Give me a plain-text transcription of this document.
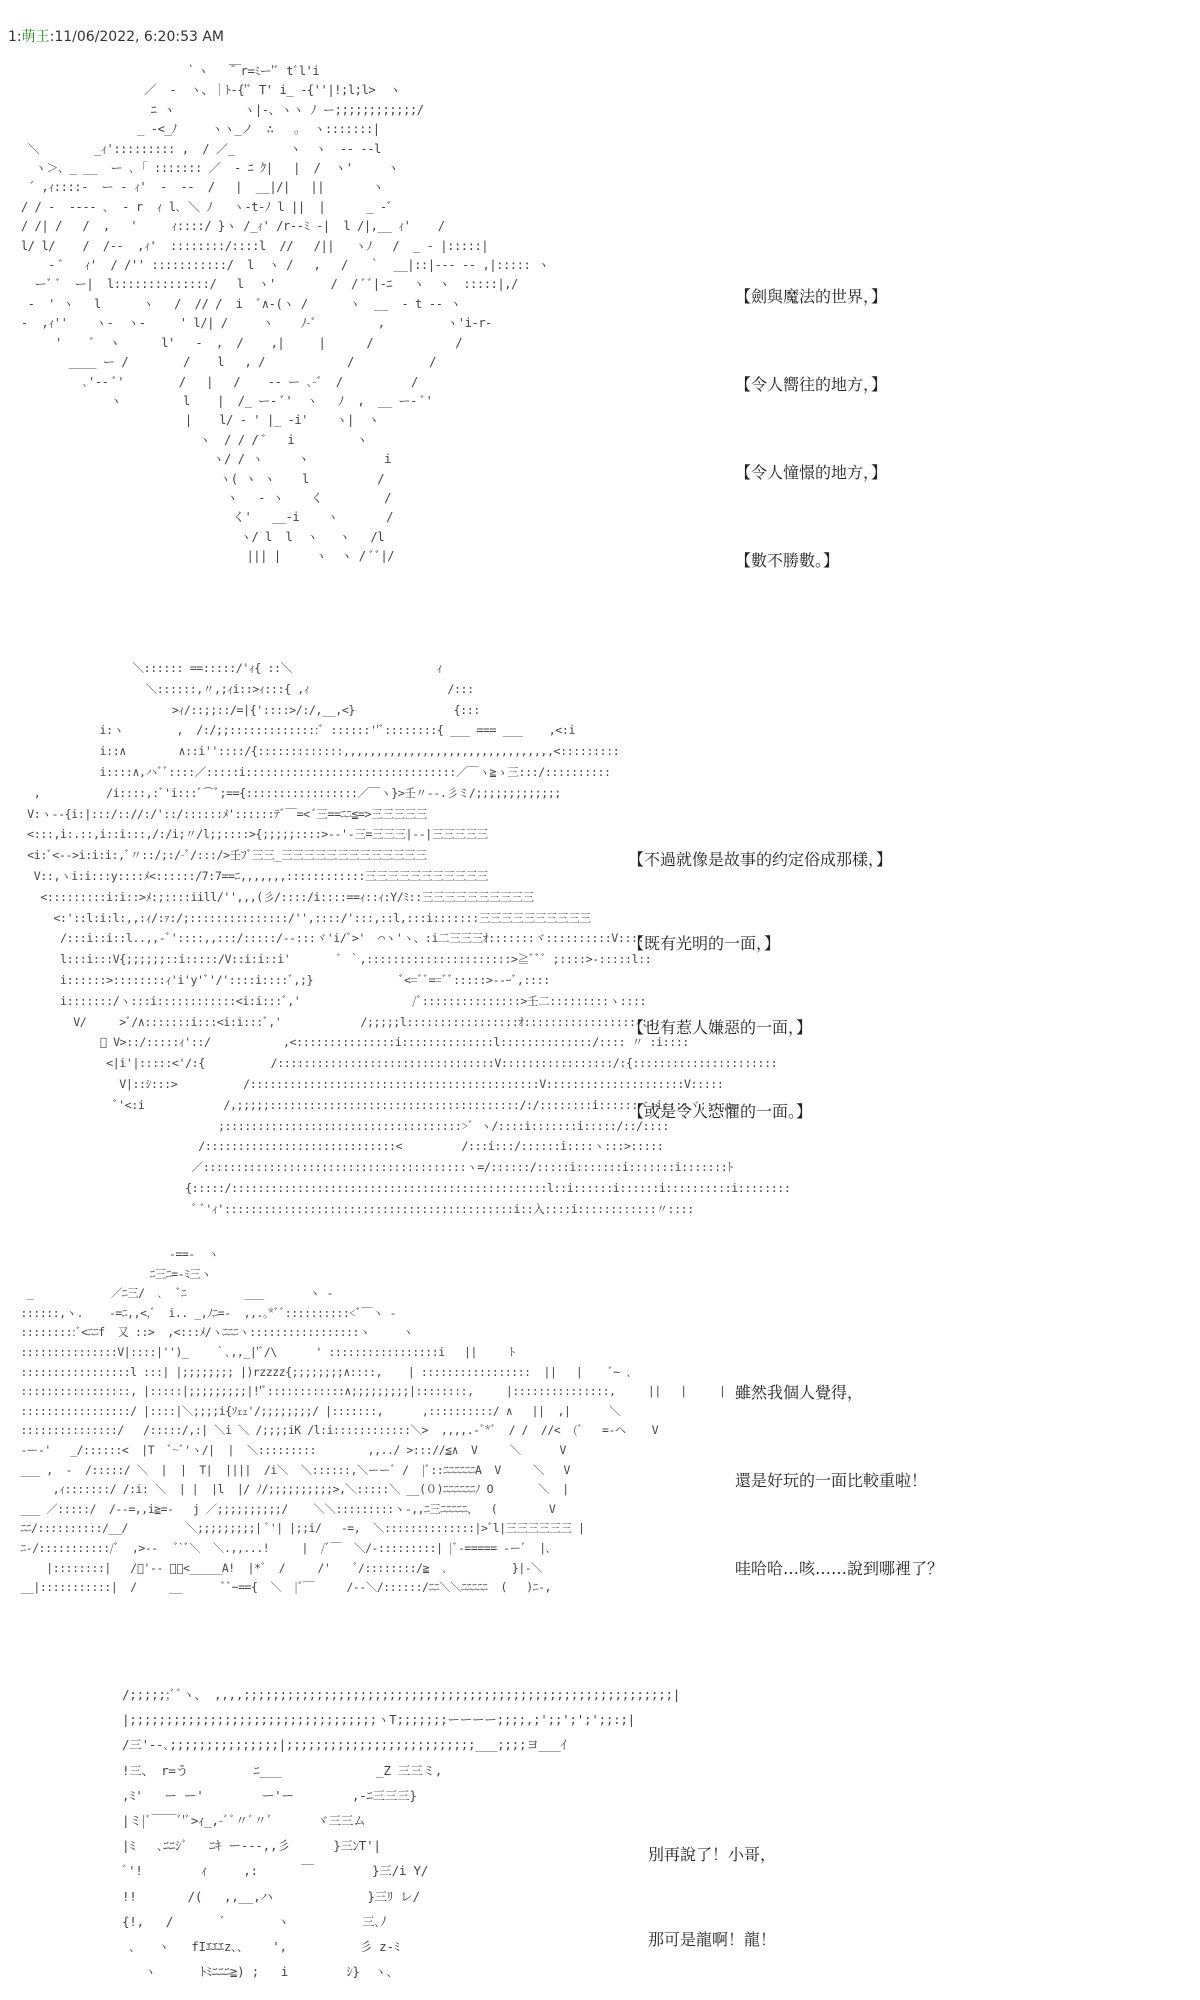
1:萌王:11/06/2022, 6:20:53 AM
｀ヽ   ̄￣r=ﾐー'ﾞ tﾞl'i
／  -  ヽ、｜ﾄ-{'ﾞ T' i_ -{''|!;l;l>  ヽ
ﾆ ヽ          ヽ|-、ヽヽ ﾉ ー;;;;;;;;;;;;/
_ -<_ﾉ     ヽヽ_ノ  ∴   ｡  ヽ:::::::|
＼        _ｨ'::::::::: ,  / ／_        ヽ  ヽ  -- --l
ヽ＞、_ __  ー ､ ｢ ::::::: ／  - ﾆ ｸ|   |  /  ヽ'     ヽ
´ ,ｨ::::-  ー - ｨ'  -  --  /   |  __|/|   ||       ヽ
/ / -  ---- ､  - r  ｨ l､ ＼ ﾉ   ヽ-t-ﾉ l ||  |      _ -ﾞ
/ /| /   /  ,   '     ｨ::::/ }ヽ /_ｨ' /r--ﾐ -|  l /|,__ ｨ'    /
l/ l/    /  /--  ,ｨ'  ::::::::/::::l  //   /||   ヽﾉ   /  _ - |:::::|
- ﾞ   ｨ'  / /'' :::::::::::/  l  ヽ /   ,   /   ｀  __|::|--- -- ,|::::: ヽ
ーﾞ ﾞ  ー|  l::::::::::::::/   l  ヽ'        /  / ﾞﾞ|-ﾆ   ヽ  ヽ  :::::|,/
-  ' ヽ   l      ヽ   /  // /  i  ﾞ∧-(ヽ /      ヽ  __  - t -- ヽ
-  ,ｨ''    ヽ-  ヽ-     ' l/| /     ヽ    ﾉ-ﾞ         ,         ヽ'i-r-
'    ﾞ  ヽ      l'   -  ,  /    ,|     |      /            /
____ ー /        /    l   , /            /           /
､'-- ﾞ'        /   |   /    -- ー ､-ﾞ  /          /
ヽ         l    |  /_ ー- ﾞ'  ヽ   ﾉ  ,  __ ー- ﾞ'
|    l/ - ' |_ -i'    ヽ|  ヽ
ヽ  / / / ﾞ   i         ヽ
ヽ/ / ヽ     ヽ           i
ヽ( ヽ ヽ    l          /
ヽ   - ヽ    く         /
く'   __-i    ヽ       /
ヽ/ l  l  ヽ   ヽ   /l
||| |     ヽ  ヽ / ﾞﾞ|/
【劍與魔法的世界，】
【令人嚮往的地方，】
【令人憧憬的地方，】
【數不勝數。】
＼:::::: ==:::::/'ｨ{ ::＼                      ｨ
＼::::::,〃,;ｨi::>ｨ:::{ ,ｨ                     /:::
>ｨ/::;;::/=|{'::::>/:/,__,<}               {:::
i:ヽ        ,  /:/;;::::::::::::::ﾞ ::::::''ﾞ::::::::{ ___ === ___    ,<:i
i::∧        ∧::i''::::/{:::::::::::::,,,,,,,,,,,,,,,,,,,,,,,,,,,,,,,,<:::::::::
i::::∧,ハﾞﾞ::::／:::::i::::::::::::::::::::::::::::::::／￣ヽ≧ゝ三:::/::::::::::
,          /i::::,:ﾞ'i:::ﾞ⌒ﾞ;=={:::::::::::::::::／￣ヽ}>壬〃--.彡ミ/;;;;;;;;;;;;;
V:ヽ--{i:|:::/:://:/'::/::::::ﾒ'::::::ﾃﾞ￣=<´三==ﾆﾆ≦=>三三三三三
<:::,i:.::,i::i:::,/:/i;〃/l;;::::>{;;;;;::::>--'-三=三三三|--|三三三三三
<i:ﾞ<-->i:i:i:,ﾞ〃::/;:/-ﾞ/:::/>壬ﾌﾞ三三_三三三三三三三三三三三三三
V::,ヽi:i:::y::::ﾒ<::::::/7:7==ﾆ,,,,,,,::::::::::::三三三三三三三三三三三
<:::::::::i:i::>ﾒ:;::::iill/'',,,(彡/::::/i::::==ｨ::ｨ:Y/ﾐ::三三三三三三三三三三
<:'::l:i:l:,,:ｨ/:ｧ:/;:::::::::::::::/'',::::/':::,::l,:::i:::::::三三三三三三三三三三
/:::i::i::l..,,-ﾞ'::::,,:::/:::::/--:::ヾ'i/ﾞ>'  ⌒ヽ'ヽ、:i二三三三ｵ:::::::ヾ::::::::::V::::
l:::i:::V{;;;;;;::i:::::/V::i:i::i'       ﾞ ｀,::::::::::::::::::::::>≧ﾞﾞﾞ ;::::>-:::::l::
i::::::>::::::::ｨ'i'y'ﾞ'/'::::i::::ﾞ,;}             ﾞ<=ﾞﾞ==ﾞﾞ:::::>--ｰﾞ,::::
i:::::::/ヽ:::i::::::::::::<i:i:::ﾞ,'                 /ﾞ:::::::::::::::>壬二:::::::::ヽ::::
V/     >ﾞ/∧:::::::i:::<i:i:::ﾞ,'            /;;;;;l:::::::::::::::::ｵ:::::::::::::::::ｨ::::
ﾞ V>::/:::::ｨ'::/           ,<:::::::::::::::i::::::::::::::l::::::::::::::/:::: 〃 :i::::
<|i'|:::::<'/:{          /:::::::::::::::::::::::::::::::::V:::::::::::::::::/:{::::::::::::::::::::::
V|::ｼ:::>          /::::::::::::::::::::::::::::::::::::::::::::V:::::::::::::::::::::V:::::
ﾞ'<:i            /,;;;;;::::::::::::::::::::::::::::::::::::::/:/::::::::i::::::ヾ:i::::ヾ;::::
;::::::::::::::::::::::::::::::::::::>ﾞ ヽ/::::i:::::::i:::::/::/::::
/:::::::::::::::::::::::::::::<         /:::i:::/::::::i::::ヽ:::>:::::
／::::::::::::::::::::::::::::::::::::::::ヽ=/::::::/:::::i:::::::i:::::::i:::::::ﾄ
{:::::/::::::::::::::::::::::::::::::::::::::::::::::::l::i::::::i::::::i::::::::::i::::::::
ﾞ ﾞ'ｨ'::::::::::::::::::::::::::::::::::::::::::::i::入::::i::::::::::::〃::::
【不過就像是故事的约定俗成那樣，】
【既有光明的一面，】
【也有惹人嫌惡的一面，】
【或是令人恐懼的一面。】
-==-  ヽ
ﾆ三ﾆ=-ﾐ三ヽ
_            ／ﾆ三/  ､  ﾞﾆ         ___       ヽ -
::::::,ヽ.    -=ﾆ,,<,ﾞ  i.. _,ﾉﾆ=-  ,,.｡*ﾞﾞ::::::::::<ﾞ￣ヽ -
:::::::::ﾞ<ﾆﾆf  又 ::>  ,<:::ﾒ/ヽﾆﾆﾆヽ:::::::::::::::::ヽ     ヽ
:::::::::::::::V|::::|'')_    ｀､,,_|'ﾞ/\      ' :::::::::::::::::i   ||     ﾄ
:::::::::::::::::l :::| |;;;;;;;; |)rzzzz{;;;;;;;;∧::::,    | :::::::::::::::::  ||   |    ﾞ~ ､
:::::::::::::::::, |:::::|;;;;;;;;;|!'ﾞ::::::::::::∧;;;;;;;;;|::::::::,     |:::::::::::::::,     ||   |     |    ヽ
:::::::::::::::::/ |::::|＼;;;;i{ｿｪｪ'/;;;;;;;;/ |:::::::,      ,::::::::::/ ∧   ||  ,|      ＼
:::::::::::::::/   /:::::/,:| ＼i ＼ /;;;;iK /l:i::::::::::::＼>  ,,,,.-ﾞ*ﾞ  / /  //<  (ﾞ   =-ヘ    V
-ー-'   _/::::::<  |T  ﾞ~ﾞ'ヽ/|  |  ＼:::::::::        ,,../ >::://≦∧  V     ＼      V
___ ,  -  /:::::/ ＼  |  |  T|  ||||  /i＼  ＼::::::,＼ーーﾞ /  |ﾞ::ﾆﾆﾆﾆﾆﾆA  V     ＼   V
,ｨ:::::::/ /:i: ＼  | |  |l  |/ ﾉ/;;;;;;;;;;>,＼:::::＼ __(０)ﾆﾆﾆﾆﾆﾆﾉ O       ＼  |
___ ／:::::/  /--=,,i≧=-   j ／;;;;;;;;;;/    ＼＼:::::::::ヽ-,,ﾆ三ﾆﾆﾆﾆﾆ、  (        V
ﾆﾆ/::::::::::/__/         ＼;;;;;;;;;| ﾞ'| |;;i/   -=,  ＼::::::::::::::|>ﾞl|三三三三三三 |
ﾆ-/:::::::::::/ﾞ  ,>--   ﾞ`ﾞ＼  ＼.,,...!     |  /ﾞ￣  ＼/-:::::::::| |ﾞ-===== -ーﾞ  |､
|::::::::|   /ﾞ'-- ﾞﾞ<_____A!  |*ﾞ  /     /'    ﾞ/::::::::/≧  ､          }|-＼
__|:::::::::::|  /     __      ﾞﾞ~=={  ＼  |ﾞ￣     /--＼/::::::/ﾆﾆ＼＼ﾆﾆﾆﾆﾆ  (   )ﾆ-,
雖然我個人覺得，
還是好玩的一面比較重啦！
哇哈哈…咳……說到哪裡了？
/;;;;;;ﾞﾞヽ、 ,,,,;;;;;;;;;;;;;;;;;;;;;;;;;;;;;;;;;;;;;;;;;;;;;;;;;;;;;;;;;;;|
|;;;;;;;;;;;;;;;;;;;;;;;;;;;;;;;;;;ヽT;;;;;;;ーーーー;;;;,;';;';';';;:;|
/三'--､;;;;;;;;;;;;;;;|;;;;;;;;;;;;;;;;;;;;;;;;;;___;;;;ヨ___ｲ
!三、 r=う         ﾆ___             _Z 三三ミ,
,ﾐ'   ー ー'        ー'ー        ,-ﾆ三三三}
|ミ|ﾞ￣￣ﾞ'ﾞ>ｨ_,-ﾞﾞ〃ﾞ〃ﾞ      ヾ三三ム
|ﾐ   ､ﾆﾆｼﾞ   ﾆｷ ー---,,彡      }三ﾝT'|
ﾞ'!        ｨ     ,:      ￣        }三/i Y/
!!       /(   ,,__,ハ             }三ﾘ レ/
{!,   /       ﾞ       ヽ          三､ﾉ
､   ヽ   fIｴｴｴz､､    ',          彡 z-ﾐ
ヽ      ﾄﾐﾆﾆﾆ≧) ;   i        ｼ}  ヽ､
別再說了！小哥，
那可是龍啊！龍！
